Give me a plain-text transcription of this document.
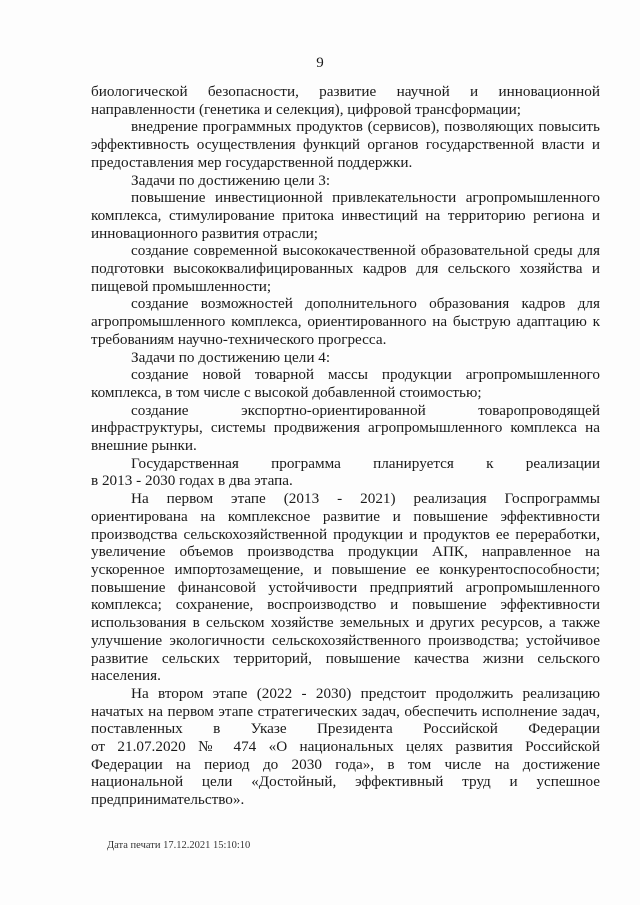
9

биологической безопасности, развитие научной и инновационной
направленности (генетика и селекция), цифровой трансформации;

внедрение программных продуктов (сервисов), позволяющих повысить
эффективность осуществления функций органов государственной власти и
предоставления мер государственной поддержки.

Задачи по достижению цели 3:

повышение инвестиционной привлекательности агропромышленного
комплекса, стимулирование притока инвестиций на территорию региона и
инновационного развития отрасли;

создание современной высококачественной образовательной среды для
подготовки высококвалифицированных кадров для сельского хозяйства и
пищевой промышленности;

создание возможностей дополнительного образования кадров для
агропромышленного комплекса, ориентированного на быструю адаптацию к
требованиям научно-технического прогресса.

Задачи по достижению цели 4:

создание новой товарной массы продукции агропромышленного
комплекса, в том числе с высокой добавленной стоимостью;

создание экспортно-ориентированной товаропроводящей
инфраструктуры, системы продвижения агропромышленного комплекса на
внешние рынки.

Государственная программа планируется к реализации
в 2013 - 2030 годах в два этапа.

На первом этапе (2013 - 2021) реализация Госпрограммы
ориентирована на комплексное развитие и повышение эффективности
производства сельскохозяйственной продукции и продуктов ее переработки,
увеличение объемов производства продукции АПК, направленное на
ускоренное импортозамещение, и повышение ее конкурентоспособности;
повышение финансовой устойчивости предприятий агропромышленного
комплекса; сохранение, воспроизводство и повышение эффективности
использования в сельском хозяйстве земельных и других ресурсов, а также
улучшение экологичности сельскохозяйственного производства; устойчивое
развитие сельских территорий, повышение качества жизни сельского
населения.

На втором этапе (2022 - 2030) предстоит продолжить реализацию
начатых на первом этапе стратегических задач, обеспечить исполнение задач,
поставленных в Указе Президента Российской Федерации
от 21.07.2020 № 474 «О национальных целях развития Российской
Федерации на период до 2030 года», в том числе на достижение
национальной цели «Достойный, эффективный труд и успешное
предпринимательство».

Дата печати 17.12.2021 15:10:10
